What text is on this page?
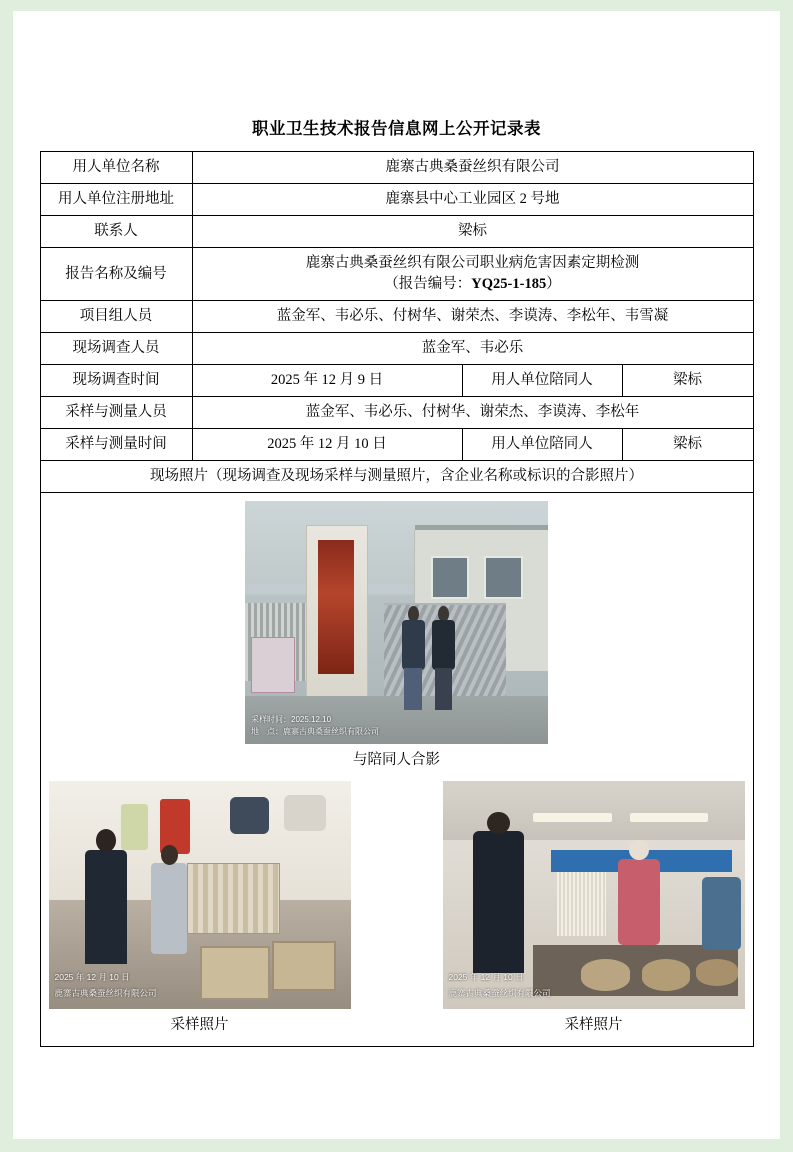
职业卫生技术报告信息网上公开记录表
用人单位名称	鹿寨古典桑蚕丝织有限公司		
用人单位注册地址	鹿寨县中心工业园区 2 号地		
联系人	梁标		
报告名称及编号	鹿寨古典桑蚕丝织有限公司职业病危害因素定期检测
（报告编号：YQ25-1-185）		

项目组人员	蓝金军、韦必乐、付树华、谢荣杰、李谟涛、李松年、韦雪凝		
现场调查人员	蓝金军、韦必乐		
现场调查时间	2025 年 12 月 9 日	用人单位陪同人	梁标
采样与测量人员	蓝金军、韦必乐、付树华、谢荣杰、李谟涛、李松年		
采样与测量时间	2025 年 12 月 10 日	用人单位陪同人	梁标
现场照片（现场调查及现场采样与测量照片，含企业名称或标识的合影照片）			

采样时间：2025.12.10
地　点：鹿寨古典桑蚕丝织有限公司
与陪同人合影
2025 年 12 月 10 日
鹿寨古典桑蚕丝织有限公司
采样照片
2025 年 12 月 10 日
鹿寨古典桑蚕丝织有限公司
采样照片
